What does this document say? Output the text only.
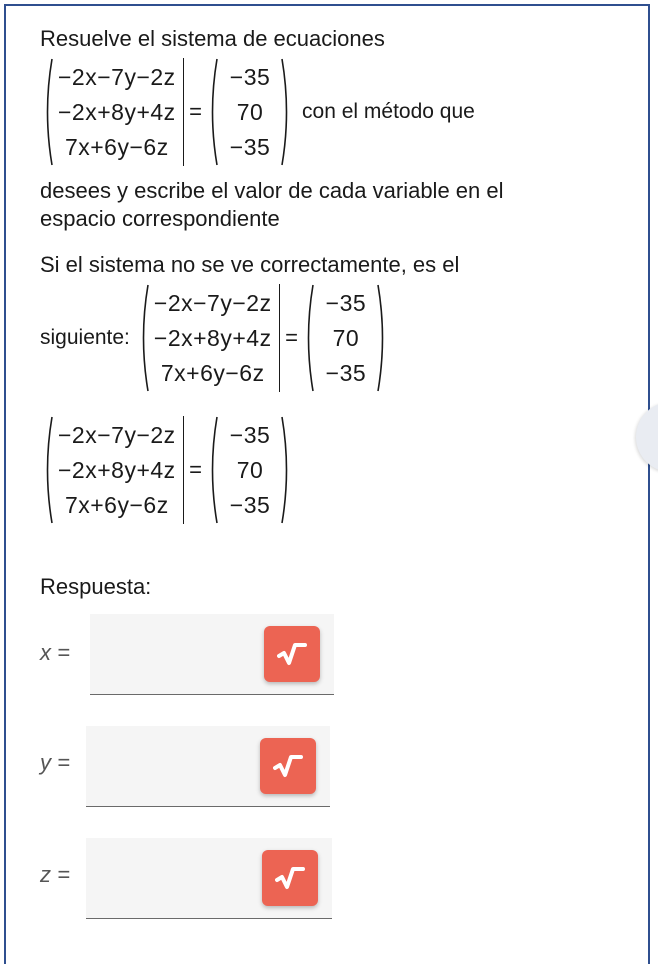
Resuelve el sistema de ecuaciones

−2x−7y−2z
−2x+8y+4z
7x+6y−6z
=
−35
70
−35
con el método que

desees y escribe el valor de cada variable en el

espacio correspondiente

Si el sistema no se ve correctamente, es el

siguiente:
−2x−7y−2z
−2x+8y+4z
7x+6y−6z
=
−35
70
−35
−2x−7y−2z
−2x+8y+4z
7x+6y−6z
=
−35
70
−35

Respuesta:

x =
y =
z =
